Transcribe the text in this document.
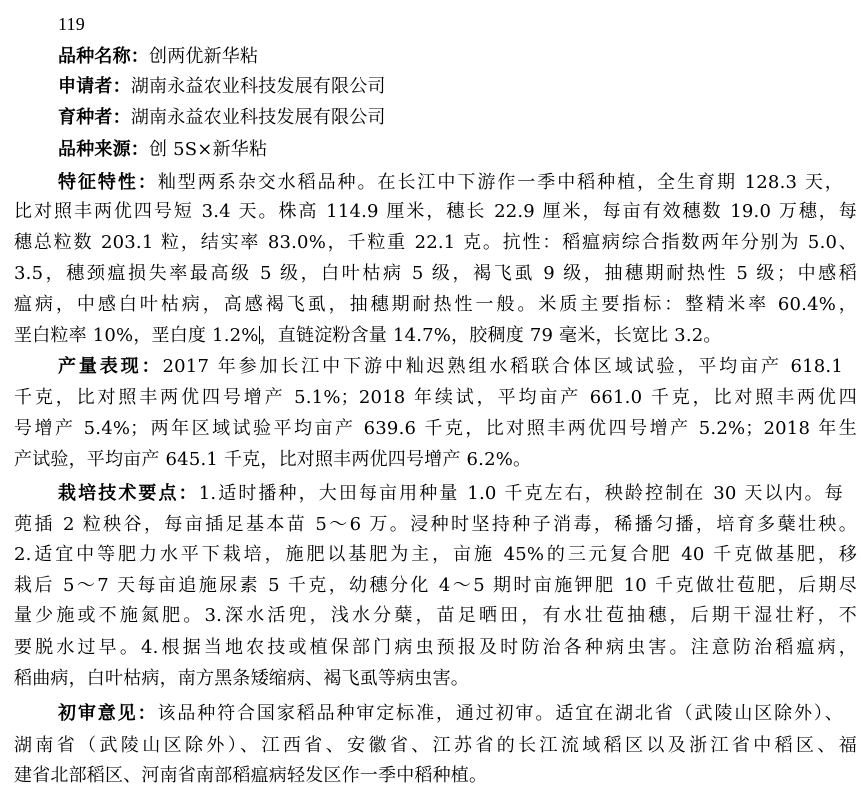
119
品种名称：创两优新华粘
申请者：湖南永益农业科技发展有限公司
育种者：湖南永益农业科技发展有限公司
品种来源：创 5S×新华粘
特征特性：籼型两系杂交水稻品种。在长江中下游作一季中稻种植，全生育期 128.3 天，
比对照丰两优四号短 3.4 天。株高 114.9 厘米，穗长 22.9 厘米，每亩有效穗数 19.0 万穗，每
穗总粒数 203.1 粒，结实率 83.0%，千粒重 22.1 克。抗性：稻瘟病综合指数两年分别为 5.0、
3.5，穗颈瘟损失率最高级 5 级，白叶枯病 5 级，褐飞虱 9 级，抽穗期耐热性 5 级；中感稻
瘟病，中感白叶枯病，高感褐飞虱，抽穗期耐热性一般。米质主要指标：整精米率 60.4%，
垩白粒率 10%，垩白度 1.2%，直链淀粉含量 14.7%，胶稠度 79 毫米，长宽比 3.2。
产量表现：2017 年参加长江中下游中籼迟熟组水稻联合体区域试验，平均亩产 618.1
千克，比对照丰两优四号增产 5.1%；2018 年续试，平均亩产 661.0 千克，比对照丰两优四
号增产 5.4%；两年区域试验平均亩产 639.6 千克，比对照丰两优四号增产 5.2%；2018 年生
产试验，平均亩产 645.1 千克，比对照丰两优四号增产 6.2%。
栽培技术要点：1.适时播种，大田每亩用种量 1.0 千克左右，秧龄控制在 30 天以内。每
蔸插 2 粒秧谷，每亩插足基本苗 5～6 万。浸种时坚持种子消毒，稀播匀播，培育多蘖壮秧。
2.适宜中等肥力水平下栽培，施肥以基肥为主，亩施 45%的三元复合肥 40 千克做基肥，移
栽后 5～7 天每亩追施尿素 5 千克，幼穗分化 4～5 期时亩施钾肥 10 千克做壮苞肥，后期尽
量少施或不施氮肥。3.深水活兜，浅水分蘖，苗足晒田，有水壮苞抽穗，后期干湿壮籽，不
要脱水过早。4.根据当地农技或植保部门病虫预报及时防治各种病虫害。注意防治稻瘟病，
稻曲病，白叶枯病，南方黑条矮缩病、褐飞虱等病虫害。
初审意见：该品种符合国家稻品种审定标准，通过初审。适宜在湖北省（武陵山区除外）、
湖南省（武陵山区除外）、江西省、安徽省、江苏省的长江流域稻区以及浙江省中稻区、福
建省北部稻区、河南省南部稻瘟病轻发区作一季中稻种植。
